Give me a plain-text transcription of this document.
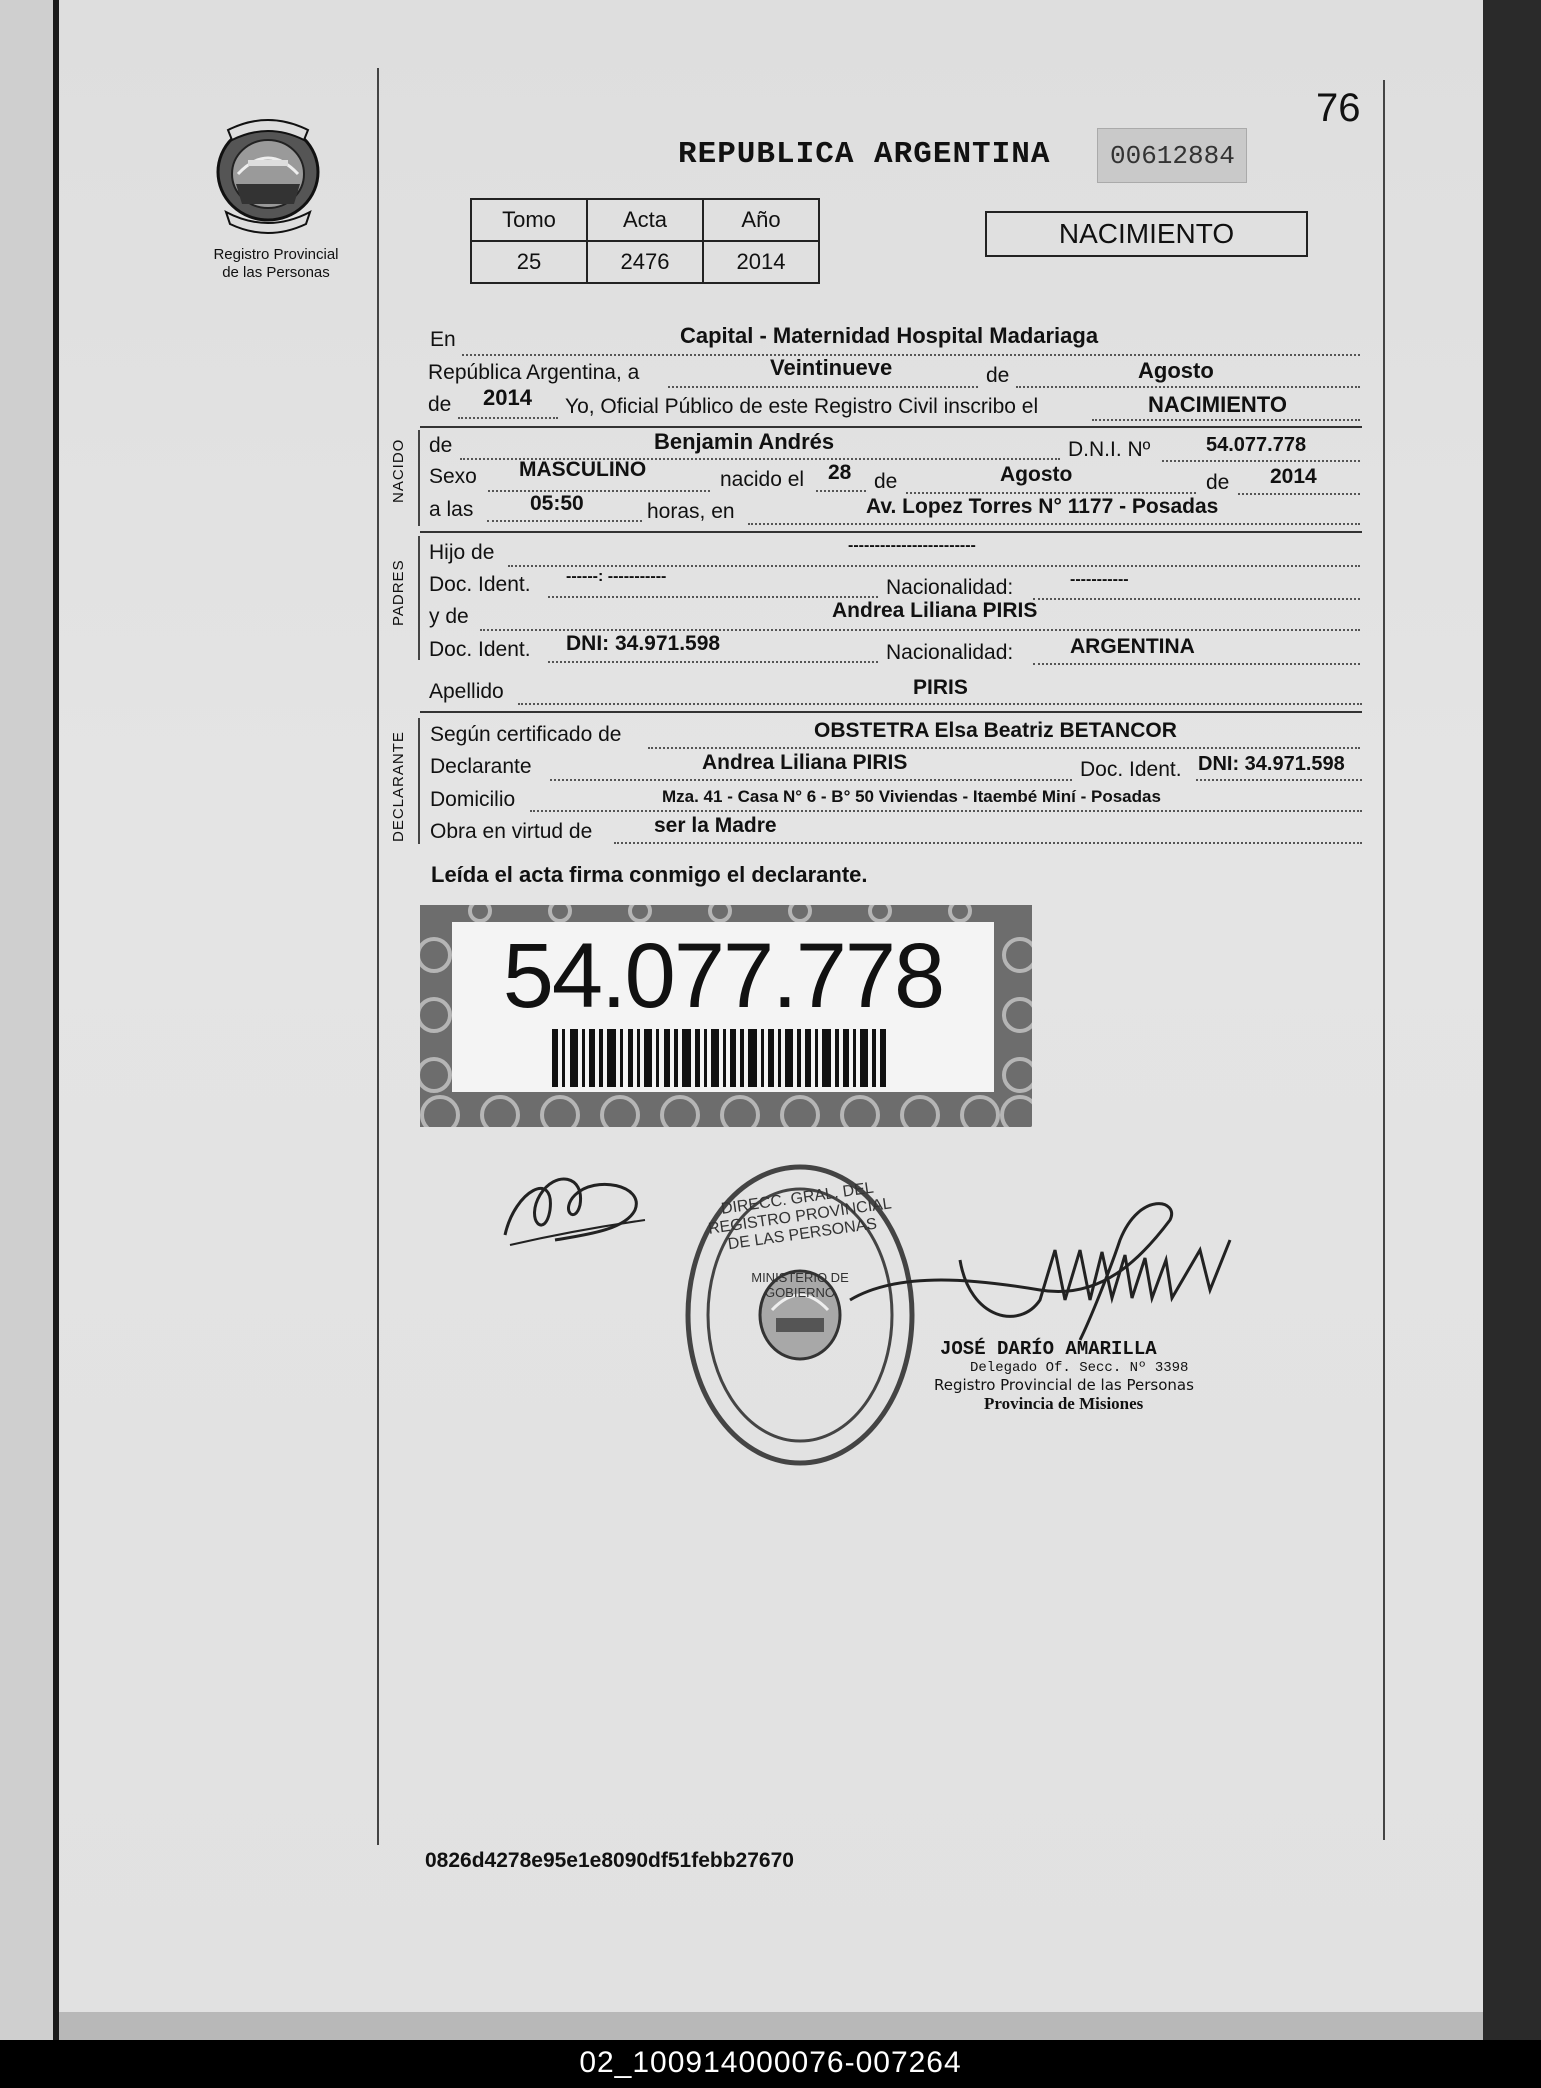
Registro Provincial
de las Personas
76
REPUBLICA ARGENTINA	00612884
Tomo	Acta	Año
25	2476	2014
NACIMIENTO
En	Capital - Maternidad Hospital Madariaga
República Argentina, a	Veintinueve	de	Agosto
de 2014 Yo, Oficial Público de este Registro Civil inscribo el	NACIMIENTO
NACIDO de	Benjamin Andrés	D.N.I. Nº	54.077.778
Sexo MASCULINO	nacido el 28 de	Agosto	de 2014
a las	05:50	horas, en	Av. Lopez Torres N° 1177 - Posadas
PADRES
Hijo de	------------------------
Doc. Ident. ------: -----------	Nacionalidad:	-----------
y de	Andrea Liliana PIRIS
Doc. Ident. DNI: 34.971.598	Nacionalidad:	ARGENTINA
Apellido	PIRIS
DECLARANTE Según certificado de	OBSTETRA Elsa Beatriz BETANCOR
Declarante	Andrea Liliana PIRIS	Doc. Ident. DNI: 34.971.598
Domicilio	Mza. 41 - Casa N° 6 - B° 50 Viviendas - Itaembé Miní - Posadas
Obra en virtud de	ser la Madre
Leída el acta firma conmigo el declarante.
54.077.778
DIRECC. GRAL. DEL REGISTRO PROVINCIAL DE LAS PERSONAS
MINISTERIO DE GOBIERNO
JOSÉ DARÍO AMARILLA
Delegado Of. Secc. Nº 3398
Registro Provincial de las Personas
Provincia de Misiones
0826d4278e95e1e8090df51febb27670
02_100914000076-007264
